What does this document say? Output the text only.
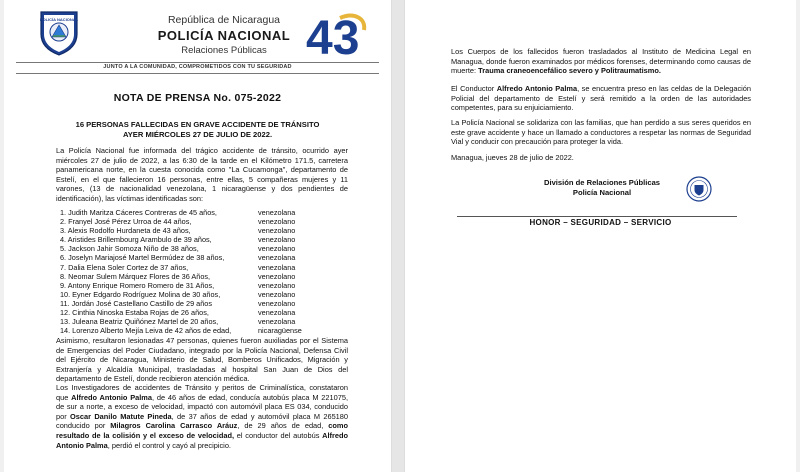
POLICÍA NACIONAL	República de Nicaragua
POLICÍA NACIONAL
Relaciones Públicas 43
JUNTO A LA COMUNIDAD, COMPROMETIDOS CON TU SEGURIDAD
NOTA DE PRENSA No. 075-2022
16 PERSONAS FALLECIDAS EN GRAVE ACCIDENTE DE TRÁNSITO
AYER MIÉRCOLES 27 DE JULIO DE 2022.
La Policía Nacional fue informada del trágico accidente de tránsito, ocurrido ayer miércoles 27 de julio de 2022, a las 6:30 de la tarde en el Kilómetro 171.5, carretera panamericana norte, en la cuesta conocida como "La Cucamonga", departamento de Estelí, en el que fallecieron 16 personas, entre ellas, 5 compañeras mujeres y 11 varones, (13 de nacionalidad venezolana, 1 nicaragüense y dos pendientes de identificación), las víctimas identificadas son:
1. Judith Maritza Cáceres Contreras de 45 años,	venezolana
2. Franyel José Pérez Urroa de 44 años,	venezolano
3. Alexis Rodolfo Hurdaneta de 43 años,	venezolano
4. Aristides Brillembourg Arambulo de 39 años,	venezolano
5. Jackson Jahir Somoza Niño de 38 años,	venezolano
6. Joselyn Mariajosé Martel Bermúdez de 38 años,	venezolana
7. Dalia Elena Soler Cortez de 37 años,	venezolana
8. Neomar Sulem Márquez Flores de 36 Años,	venezolano
9. Antony Enrique Romero Romero de 31 Años,	venezolano
10. Eyner Edgardo Rodríguez Molina de 30 años,	venezolano
11. Jordán José Castellano Castillo de 29 años	venezolano
12. Cinthia Ninoska Estaba Rojas de 26 años,	venezolana
13. Juleana Beatriz Quiñónez Martel de 20 años,	venezolana
14. Lorenzo Alberto Mejía Leiva de 42 años de edad,	nicaragüense
Asimismo, resultaron lesionadas 47 personas, quienes fueron auxiliadas por el Sistema de Emergencias del Poder Ciudadano, integrado por la Policía Nacional, Defensa Civil del Ejército de Nicaragua, Ministerio de Salud, Bomberos Unificados, Migración y Extranjería y Alcaldía Municipal, trasladadas al hospital San Juan de Dios del departamento de Estelí, donde recibieron atención médica.
Los Investigadores de accidentes de Tránsito y peritos de Criminalística, constataron que Alfredo Antonio Palma, de 46 años de edad, conducía autobús placa M 221075, de sur a norte, a exceso de velocidad, impactó con automóvil placa ES 034, conducido por Oscar Danilo Matute Pineda, de 37 años de edad y automóvil placa M 265180 conducido por Milagros Carolina Carrasco Aráuz, de 29 años de edad, como resultado de la colisión y el exceso de velocidad, el conductor del autobús Alfredo Antonio Palma, perdió el control y cayó al precipicio.
Los Cuerpos de los fallecidos fueron trasladados al Instituto de Medicina Legal en Managua, donde fueron examinados por médicos forenses, determinando como causas de muerte: Trauma craneoencefálico severo y Politraumatismo.
El Conductor Alfredo Antonio Palma, se encuentra preso en las celdas de la Delegación Policial del departamento de Estelí y será remitido a la orden de las autoridades competentes, para su enjuiciamiento.
La Policía Nacional se solidariza con las familias, que han perdido a sus seres queridos en este grave accidente y hace un llamado a conductores a respetar las normas de Seguridad Vial y conducir con precaución para proteger la vida.
Managua, jueves 28 de julio de 2022.
División de Relaciones Públicas
Policía Nacional
HONOR – SEGURIDAD – SERVICIO
